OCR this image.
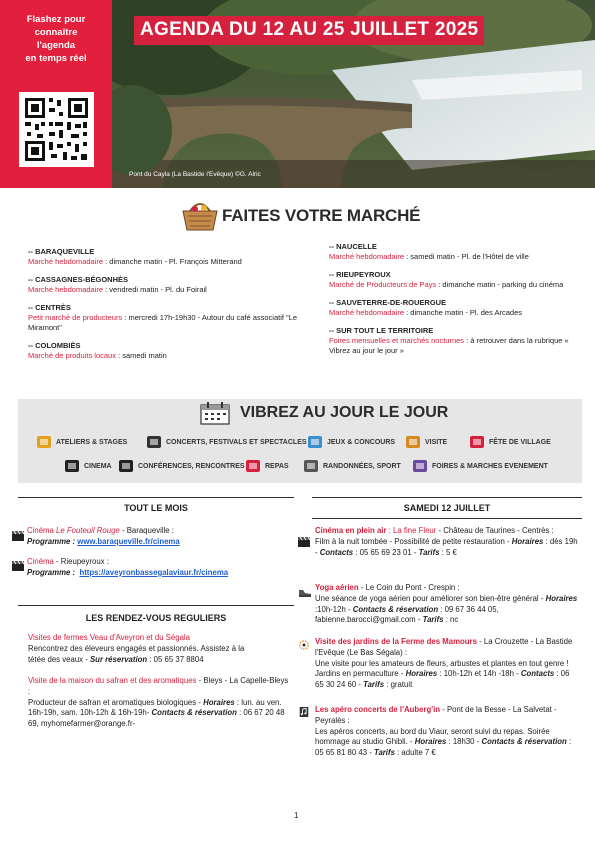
Flashez pour
connaître
l'agenda
en temps réel
AGENDA DU 12 AU 25 JUILLET 2025
Pont du Cayla (La Bastide l'Evêque) ©G. Alric
FAITES VOTRE MARCHÉ
-- BARAQUEVILLE
Marché hebdomadaire : dimanche matin - Pl. François Mitterand
-- CASSAGNES-BÉGONHÈS
Marché hebdomadaire : vendredi matin - Pl. du Foirail
-- CENTRÈS
Petit marché de producteurs : mercredi 17h-19h30 - Autour du café associatif "Le Miramont"
-- COLOMBIÈS
Marché de produits locaux : samedi matin
-- NAUCELLE
Marché hebdomadaire : samedi matin - Pl. de l'Hôtel de ville
-- RIEUPEYROUX
Marché de Producteurs de Pays : dimanche matin - parking du cinéma
-- SAUVETERRE-DE-ROUERGUE
Marché hebdomadaire : dimanche matin - Pl. des Arcades
-- SUR TOUT LE TERRITOIRE
Foires mensuelles et marchés nocturnes : à retrouver dans la rubrique « Vibrez au jour le jour »
VIBREZ AU JOUR LE JOUR
ATELIERS & STAGES	CONCERTS, FESTIVALS ET SPECTACLES	JEUX & CONCOURS	VISITE	FÊTE DE VILLAGE
CINEMA	CONFÉRENCES, RENCONTRES	REPAS	RANDONNÉES, SPORT	FOIRES & MARCHES EVENEMENT
TOUT LE MOIS
Cinéma Le Fouteuil Rouge - Baraqueville :
Programme : www.baraqueville.fr/cinema
Cinéma - Rieupeyroux :
Programme : https://aveyronbassegalaviaur.fr/cinema
LES RENDEZ-VOUS REGULIERS
Visites de fermes Veau d'Aveyron et du Ségala
Rencontrez des éleveurs engagés et passionnés. Assistez à la
tétée des veaux - Sur réservation : 05 65 37 8804
Visite de la maison du safran et des aromatiques - Bleys - La Capelle-Bleys :
Producteur de safran et aromatiques biologiques - Horaires : lun. au ven. 16h-19h, sam. 10h-12h & 16h-19h- Contacts & réservation : 06 67 20 48 69, myhomefarmer@orange.fr-
SAMEDI 12 JUILLET
Cinéma en plein air : La fine Fleur - Château de Taurines - Centrès :
Film à la nuit tombée - Possibilité de petite restauration - Horaires : dès 19h - Contacts : 05 65 69 23 01 - Tarifs : 5 €
Yoga aérien - Le Coin du Pont - Crespin :
Une séance de yoga aérien pour améliorer son bien-être général - Horaires :10h-12h - Contacts & réservation : 09 67 36 44 05, fabienne.barocci@gmail.com - Tarifs : nc
Visite des jardins de la Ferme des Mamours - La Crouzette - La Bastide l'Evêque (Le Bas Ségala) :
Une visite pour les amateurs de fleurs, arbustes et plantes en tout genre ! Jardins en permaculture - Horaires : 10h-12h et 14h -18h - Contacts : 06 65 30 24 60 - Tarifs : gratuit
Les apéro concerts de l'Auberg'in - Pont de la Besse - La Salvetat -Peyralès :
Les apéros concerts, au bord du Viaur, seront suivi du repas. Soirée hommage au studio Ghibli. - Horaires : 18h30 - Contacts & réservation : 05 65 81 80 43 - Tarifs : adulte 7 €
1
